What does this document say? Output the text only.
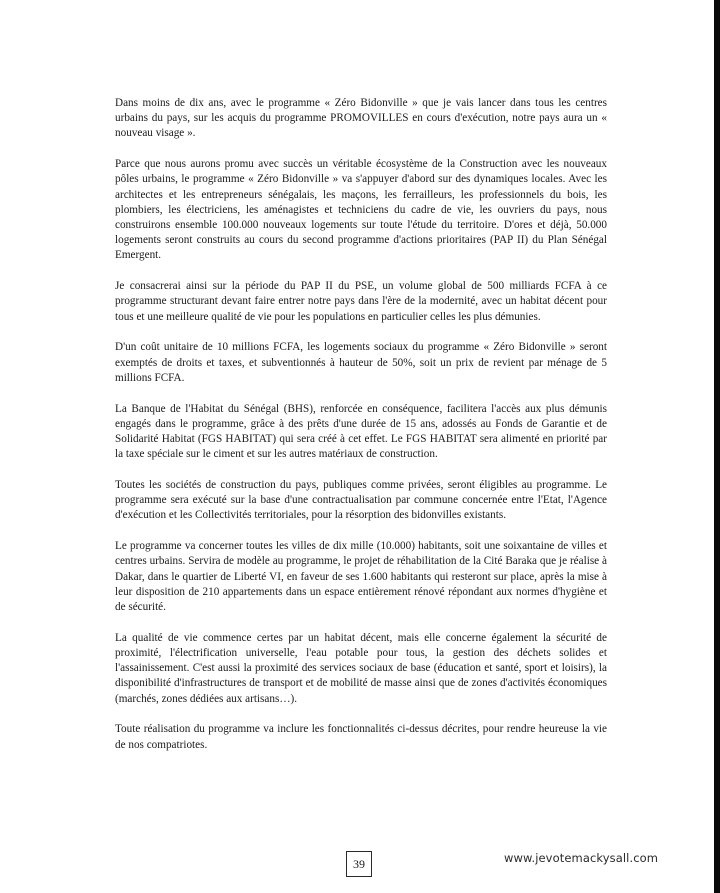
Dans moins de dix ans, avec le programme « Zéro Bidonville » que je vais lancer dans tous les centres urbains du pays, sur les acquis du programme PROMOVILLES en cours d'exécution, notre pays aura un « nouveau visage ».

Parce que nous aurons promu avec succès un véritable écosystème de la Construction avec les nouveaux pôles urbains, le programme « Zéro Bidonville » va s'appuyer d'abord sur des dynamiques locales. Avec les architectes et les entrepreneurs sénégalais, les maçons, les ferrailleurs, les professionnels du bois, les plombiers, les électriciens, les aménagistes et techniciens du cadre de vie, les ouvriers du pays, nous construirons ensemble 100.000 nouveaux logements sur toute l'étude du territoire. D'ores et déjà, 50.000 logements seront construits au cours du second programme d'actions prioritaires (PAP II) du Plan Sénégal Emergent.

Je consacrerai ainsi sur la période du PAP II du PSE, un volume global de 500 milliards FCFA à ce programme structurant devant faire entrer notre pays dans l'ère de la modernité, avec un habitat décent pour tous et une meilleure qualité de vie pour les populations en particulier celles les plus démunies.

D'un coût unitaire de 10 millions FCFA, les logements sociaux du programme « Zéro Bidonville » seront exemptés de droits et taxes, et subventionnés à hauteur de 50%, soit un prix de revient par ménage de 5 millions FCFA.

La Banque de l'Habitat du Sénégal (BHS), renforcée en conséquence, facilitera l'accès aux plus démunis engagés dans le programme, grâce à des prêts d'une durée de 15 ans, adossés au Fonds de Garantie et de Solidarité Habitat (FGS HABITAT) qui sera créé à cet effet. Le FGS HABITAT sera alimenté en priorité par la taxe spéciale sur le ciment et sur les autres matériaux de construction.

Toutes les sociétés de construction du pays, publiques comme privées, seront éligibles au programme. Le programme sera exécuté sur la base d'une contractualisation par commune concernée entre l'Etat, l'Agence d'exécution et les Collectivités territoriales, pour la résorption des bidonvilles existants.

Le programme va concerner toutes les villes de dix mille (10.000) habitants, soit une soixantaine de villes et centres urbains. Servira de modèle au programme, le projet de réhabilitation de la Cité Baraka que je réalise à Dakar, dans le quartier de Liberté VI, en faveur de ses 1.600 habitants qui resteront sur place, après la mise à leur disposition de 210 appartements dans un espace entièrement rénové répondant aux normes d'hygiène et de sécurité.

La qualité de vie commence certes par un habitat décent, mais elle concerne également la sécurité de proximité, l'électrification universelle, l'eau potable pour tous, la gestion des déchets solides et l'assainissement. C'est aussi la proximité des services sociaux de base (éducation et santé, sport et loisirs), la disponibilité d'infrastructures de transport et de mobilité de masse ainsi que de zones d'activités économiques (marchés, zones dédiées aux artisans…).

Toute réalisation du programme va inclure les fonctionnalités ci-dessus décrites, pour rendre heureuse la vie de nos compatriotes.

39	www.jevotemackysall.com
